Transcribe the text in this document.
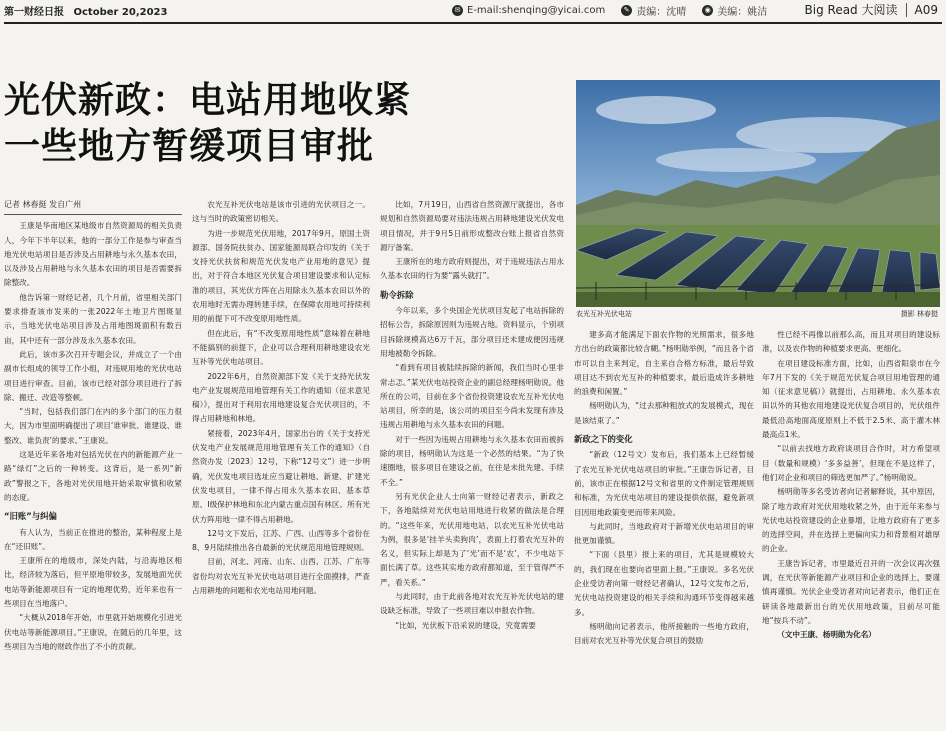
第一财经日报 October 20,2023	✉ E-mail:shenqing@yicai.com	✎ 责编：沈晴	◉ 美编：姚洁	Big Read 大阅读 A09
光伏新政：电站用地收紧
一些地方暂缓项目审批
农光互补光伏电站	摄影 林春挺

记者 林春挺 发自广州

王康是华南地区某地级市自然资源局的相关负责人，今年下半年以来，他的一部分工作是参与审查当地光伏电站项目是否涉及占用耕地与永久基本农田，以及涉及占用耕地与永久基本农田的项目是否需要拆除整改。

他告诉第一财经记者，几个月前，省里相关部门要求排查该市发来的一张2022年土地卫片图斑显示，当地光伏电站项目涉及占用地图斑面积有数百亩，其中还有一部分涉及永久基本农田。

此后，该市多次召开专题会议，并成立了一个由副市长组成的领导工作小组，对违规用地的光伏电站项目进行审查。目前，该市已经对部分项目进行了拆除、搬迁、改造等整顿。

“当时，包括我们部门在内的多个部门的压力很大，因为市里面明确提出了项目‘谁审批、谁建设、谁整改、谁负责’的要求。”王康说。

这是近年来各地对包括光伏在内的新能源产业一路“绿灯”之后的一种转变。这背后，是一系列“新政”警报之下，各地对光伏用地开始采取审慎和收紧的态度。

“旧账”与纠偏

有人认为，当前正在推进的整治，某种程度上是在“还旧账”。

王康所在的地级市，深处内陆，与沿海地区相比，经济较为落后，但平原地带较多，发展地面光伏电站等新能源项目有一定的地理优势，近年来也有一些项目在当地落户。

“大概从2018年开始，市里就开始规模化引进光伏电站等新能源项目。”王康说，在随后的几年里，这些项目为当地的财政作出了不小的贡献。

农光互补光伏电站是该市引进的光伏项目之一。这与当时的政策密切相关。

为进一步规范光伏用地，2017年9月，原国土资源部、国务院扶贫办、国家能源局联合印发的《关于支持光伏扶贫和规范光伏发电产业用地的意见》提出，对于符合本地区光伏复合项目建设要求和认定标准的项目，其光伏方阵在占用除永久基本农田以外的农用地时无需办理转建手续，在保障农用地可持续利用的前提下可不改变原用地性质。

但在此后，有“不改变原用地性质”意味着在耕地不能搞别的前提下，企业可以合理利用耕地建设农光互补等光伏电站项目。

2022年6月，自然资源部下发《关于支持光伏发电产业发展规范用地管理有关工作的通知（征求意见稿）》，提出对于利用农用地建设复合光伏项目的，不得占用耕地和林地。

紧接着，2023年4月，国家出台的《关于支持光伏发电产业发展规范用地管理有关工作的通知》（自然资办发〔2023〕12号，下称“12号文”）进一步明确，光伏发电项目选址应当避让耕地、新建、扩建光伏发电项目，一律不得占用永久基本农田、基本草原、I级保护林地和东北内蒙古重点国有林区。所有光伏方阵用地一律不得占用耕地。

12号文下发后，江苏、广西、山西等多个省份在8、9月陆续推出各自最新的光伏规范用地管理规则。

目前，河北、河南、山东、山西、江苏、广东等省份均对农光互补光伏电站项目进行全面摸排，严查占用耕地的问题和农光电站用地问题。

比如，7月19日，山西省自然资源厅就提出，各市规划和自然资源局要对违法违规占用耕地建设光伏发电项目情况，并于9月5日前形成整改台账上报省自然资源厅备案。

王康所在的地方政府则提出，对于违规违法占用永久基本农田的行为要“露头就打”。

勒令拆除

今年以来，多个央国企光伏项目发起了电站拆除的招标公告，拆除原因则为违规占地。资料显示，个别项目拆除规模高达6万千瓦，部分项目还未建成便因违规用地被勒令拆除。

“看到有项目被陆续拆除的新闻，我们当时心里非常忐忑。”某光伏电站投资企业的副总经理杨明勋说。他所在的公司，目前在多个省份投资建设农光互补光伏电站项目，所幸的是，该公司的项目至今尚未发现有涉及违规占用耕地与永久基本农田的问题。

对于一些因为违规占用耕地与永久基本农田而被拆除的项目，杨明勋认为这是一个必然的结果。“为了快速圈地，很多项目在建设之前，在往是未批先建、手续不全。”

另有光伏企业人士向第一财经记者表示，新政之下，各地陆续对光伏电站用地进行收紧的做法是合理的。“这些年来，光伏用地电站，以农光互补光伏电站为例，很多是‘挂羊头卖狗肉’，表面上打着农光互补的名义，但实际上却是为了‘光’而不是‘农’，不少电站下面长满了草。这些其实地方政府都知道，至于管得严不严，看关系。”

与此同时，由于此前各地对农光互补光伏电站的建设缺乏标准，导致了一些项目难以申报农作物。

“比如，光伏板下沿采说的建设，究竟需要

建多高才能满足下面农作物的光照需求，很多地方出台的政策都比较含糊。”杨明勋举例，“而且各个省市可以自主来判定，自主来自合格方标准，最后导致项目达不到农光互补的种植要求，最后造成许多耕地的浪费和闲置。”

杨明勋认为，“过去那种粗放式的发展模式，现在是该结束了。”

新政之下的变化

“新政（12号文）发布后，我们基本上已经暂缓了农光互补光伏电站项目的审批。”王康告诉记者，目前，该市正在根据12号文和省里的文件制定管理规则和标准，为光伏电站项目的建设提供依据，避免新项目因用地政策变更而带来风险。

与此同时，当地政府对于新增光伏电站项目的审批更加谨慎。

“下面（县里）报上来的项目，尤其是规模较大的，我们现在也要向省里面上报。”王康说。多名光伏企业受访者向第一财经记者确认，12号文发布之后，光伏电站投资建设的相关手续和沟通环节变得越来越多。

杨明勋向记者表示，他所接触的一些地方政府，目前对农光互补等光伏复合项目的鼓励

性已经不再像以前那么高，而且对项目的建设标准，以及农作物的种植要求更高、更细化。

在项目建设标准方面，比如，山西省阳泉市在今年7月下发的《关于规范光伏复合项目用地管理的通知（征求意见稿）》就提出，占用耕地、永久基本农田以外的其他农用地建设光伏复合项目的，光伏组件最低沿高地面高度原则上不低于2.5米、高于灌木林最高点1米。

“以前去找地方政府谈项目合作时，对方希望项目（数量和规模）‘多多益善’，但现在不是这样了，他们对企业和项目的筛选更加严了。”杨明勋说。

杨明勋等多名受访者向记者解释说，其中原因，除了地方政府对光伏用地收紧之外，由于近年来参与光伏电站投资建设的企业暴增，让地方政府有了更多的选择空间，并在选择上更偏向实力和背景相对雄厚的企业。

王康告诉记者，市里最近召开的一次会议再次强调，在光伏等新能源产业项目和企业的选择上，要谨慎再谨慎。光伏企业受访者对向记者表示，他们正在研读各地最新出台的光伏用地政策，目前尽可能地“按兵不动”。

（文中王康、杨明勋为化名）
